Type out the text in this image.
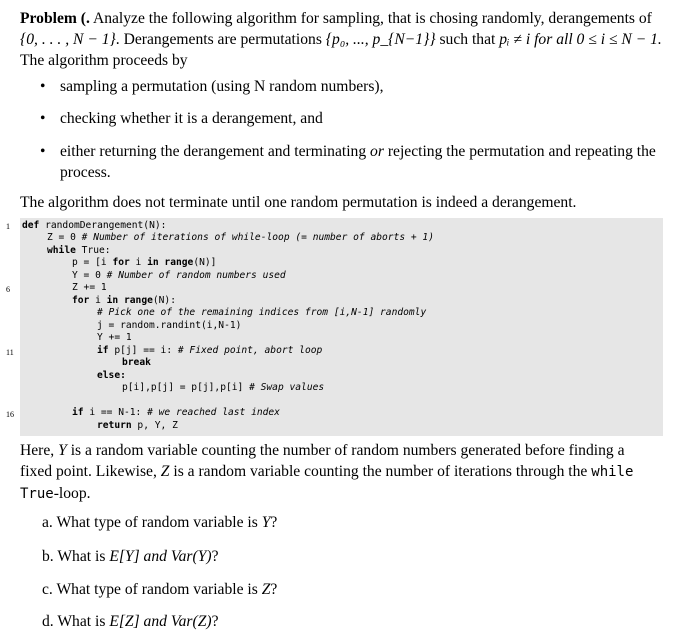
Problem (. Analyze the following algorithm for sampling, that is chosing randomly, derangements of
{0, . . . , N − 1}. Derangements are permutations {p₀, ..., p_{N−1}} such that pᵢ ≠ i for all 0 ≤ i ≤ N − 1.
The algorithm proceeds by
• sampling a permutation (using N random numbers),
• checking whether it is a derangement, and
• either returning the derangement and terminating or rejecting the permutation and repeating the
process.
The algorithm does not terminate until one random permutation is indeed a derangement.
1
6
11
16
def randomDerangement(N):
Z = 0 # Number of iterations of while-loop (= number of aborts + 1)
while True:
p = [i for i in range(N)]
Y = 0 # Number of random numbers used
Z += 1
for i in range(N):
# Pick one of the remaining indices from [i,N-1] randomly
j = random.randint(i,N-1)
Y += 1
if p[j] == i: # Fixed point, abort loop
break
else:
p[i],p[j] = p[j],p[i] # Swap values
if i == N-1: # we reached last index
return p, Y, Z
Here, Y is a random variable counting the number of random numbers generated before finding a
fixed point. Likewise, Z is a random variable counting the number of iterations through the while
True-loop.
a. What type of random variable is Y?
b. What is E[Y] and Var(Y)?
c. What type of random variable is Z?
d. What is E[Z] and Var(Z)?
